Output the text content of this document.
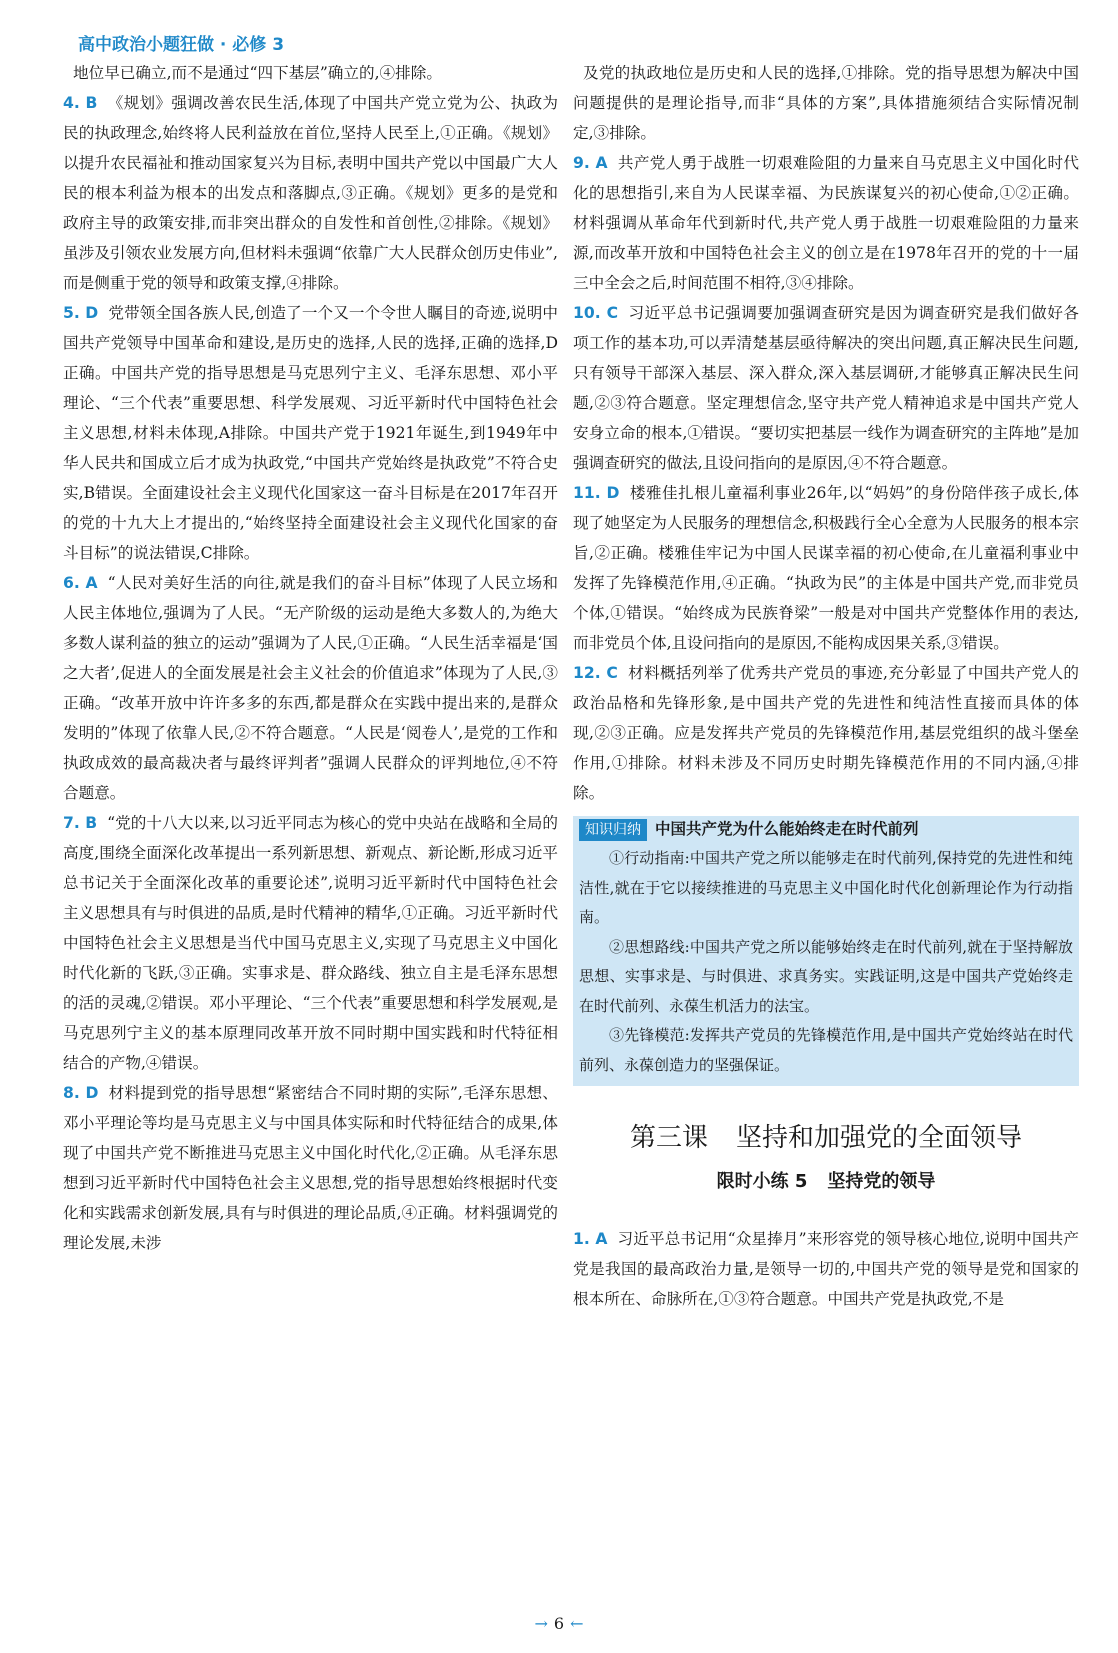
高中政治小题狂做 · 必修 3

地位早已确立,而不是通过“四下基层”确立的,④排除。

4. B 《规划》强调改善农民生活,体现了中国共产党立党为公、执政为民的执政理念,始终将人民利益放在首位,坚持人民至上,①正确。《规划》以提升农民福祉和推动国家复兴为目标,表明中国共产党以中国最广大人民的根本利益为根本的出发点和落脚点,③正确。《规划》更多的是党和政府主导的政策安排,而非突出群众的自发性和首创性,②排除。《规划》虽涉及引领农业发展方向,但材料未强调“依靠广大人民群众创历史伟业”,而是侧重于党的领导和政策支撑,④排除。

5. D 党带领全国各族人民,创造了一个又一个令世人瞩目的奇迹,说明中国共产党领导中国革命和建设,是历史的选择,人民的选择,正确的选择,D正确。中国共产党的指导思想是马克思列宁主义、毛泽东思想、邓小平理论、“三个代表”重要思想、科学发展观、习近平新时代中国特色社会主义思想,材料未体现,A排除。中国共产党于1921年诞生,到1949年中华人民共和国成立后才成为执政党,“中国共产党始终是执政党”不符合史实,B错误。全面建设社会主义现代化国家这一奋斗目标是在2017年召开的党的十九大上才提出的,“始终坚持全面建设社会主义现代化国家的奋斗目标”的说法错误,C排除。

6. A “人民对美好生活的向往,就是我们的奋斗目标”体现了人民立场和人民主体地位,强调为了人民。“无产阶级的运动是绝大多数人的,为绝大多数人谋利益的独立的运动”强调为了人民,①正确。“人民生活幸福是‘国之大者’,促进人的全面发展是社会主义社会的价值追求”体现为了人民,③正确。“改革开放中许许多多的东西,都是群众在实践中提出来的,是群众发明的”体现了依靠人民,②不符合题意。“人民是‘阅卷人’,是党的工作和执政成效的最高裁决者与最终评判者”强调人民群众的评判地位,④不符合题意。

7. B “党的十八大以来,以习近平同志为核心的党中央站在战略和全局的高度,围绕全面深化改革提出一系列新思想、新观点、新论断,形成习近平总书记关于全面深化改革的重要论述”,说明习近平新时代中国特色社会主义思想具有与时俱进的品质,是时代精神的精华,①正确。习近平新时代中国特色社会主义思想是当代中国马克思主义,实现了马克思主义中国化时代化新的飞跃,③正确。实事求是、群众路线、独立自主是毛泽东思想的活的灵魂,②错误。邓小平理论、“三个代表”重要思想和科学发展观,是马克思列宁主义的基本原理同改革开放不同时期中国实践和时代特征相结合的产物,④错误。

8. D 材料提到党的指导思想“紧密结合不同时期的实际”,毛泽东思想、邓小平理论等均是马克思主义与中国具体实际和时代特征结合的成果,体现了中国共产党不断推进马克思主义中国化时代化,②正确。从毛泽东思想到习近平新时代中国特色社会主义思想,党的指导思想始终根据时代变化和实践需求创新发展,具有与时俱进的理论品质,④正确。材料强调党的理论发展,未涉

及党的执政地位是历史和人民的选择,①排除。党的指导思想为解决中国问题提供的是理论指导,而非“具体的方案”,具体措施须结合实际情况制定,③排除。

9. A 共产党人勇于战胜一切艰难险阻的力量来自马克思主义中国化时代化的思想指引,来自为人民谋幸福、为民族谋复兴的初心使命,①②正确。材料强调从革命年代到新时代,共产党人勇于战胜一切艰难险阻的力量来源,而改革开放和中国特色社会主义的创立是在1978年召开的党的十一届三中全会之后,时间范围不相符,③④排除。

10. C 习近平总书记强调要加强调查研究是因为调查研究是我们做好各项工作的基本功,可以弄清楚基层亟待解决的突出问题,真正解决民生问题,只有领导干部深入基层、深入群众,深入基层调研,才能够真正解决民生问题,②③符合题意。坚定理想信念,坚守共产党人精神追求是中国共产党人安身立命的根本,①错误。“要切实把基层一线作为调查研究的主阵地”是加强调查研究的做法,且设问指向的是原因,④不符合题意。

11. D 楼雅佳扎根儿童福利事业26年,以“妈妈”的身份陪伴孩子成长,体现了她坚定为人民服务的理想信念,积极践行全心全意为人民服务的根本宗旨,②正确。楼雅佳牢记为中国人民谋幸福的初心使命,在儿童福利事业中发挥了先锋模范作用,④正确。“执政为民”的主体是中国共产党,而非党员个体,①错误。“始终成为民族脊梁”一般是对中国共产党整体作用的表达,而非党员个体,且设问指向的是原因,不能构成因果关系,③错误。

12. C 材料概括列举了优秀共产党员的事迹,充分彰显了中国共产党人的政治品格和先锋形象,是中国共产党的先进性和纯洁性直接而具体的体现,②③正确。应是发挥共产党员的先锋模范作用,基层党组织的战斗堡垒作用,①排除。材料未涉及不同历史时期先锋模范作用的不同内涵,④排除。

知识归纳 中国共产党为什么能始终走在时代前列

①行动指南:中国共产党之所以能够走在时代前列,保持党的先进性和纯洁性,就在于它以接续推进的马克思主义中国化时代化创新理论作为行动指南。

②思想路线:中国共产党之所以能够始终走在时代前列,就在于坚持解放思想、实事求是、与时俱进、求真务实。实践证明,这是中国共产党始终走在时代前列、永葆生机活力的法宝。

③先锋模范:发挥共产党员的先锋模范作用,是中国共产党始终站在时代前列、永葆创造力的坚强保证。

第三课 坚持和加强党的全面领导
限时小练 5 坚持党的领导

1. A 习近平总书记用“众星捧月”来形容党的领导核心地位,说明中国共产党是我国的最高政治力量,是领导一切的,中国共产党的领导是党和国家的根本所在、命脉所在,①③符合题意。中国共产党是执政党,不是

→ 6 ←
